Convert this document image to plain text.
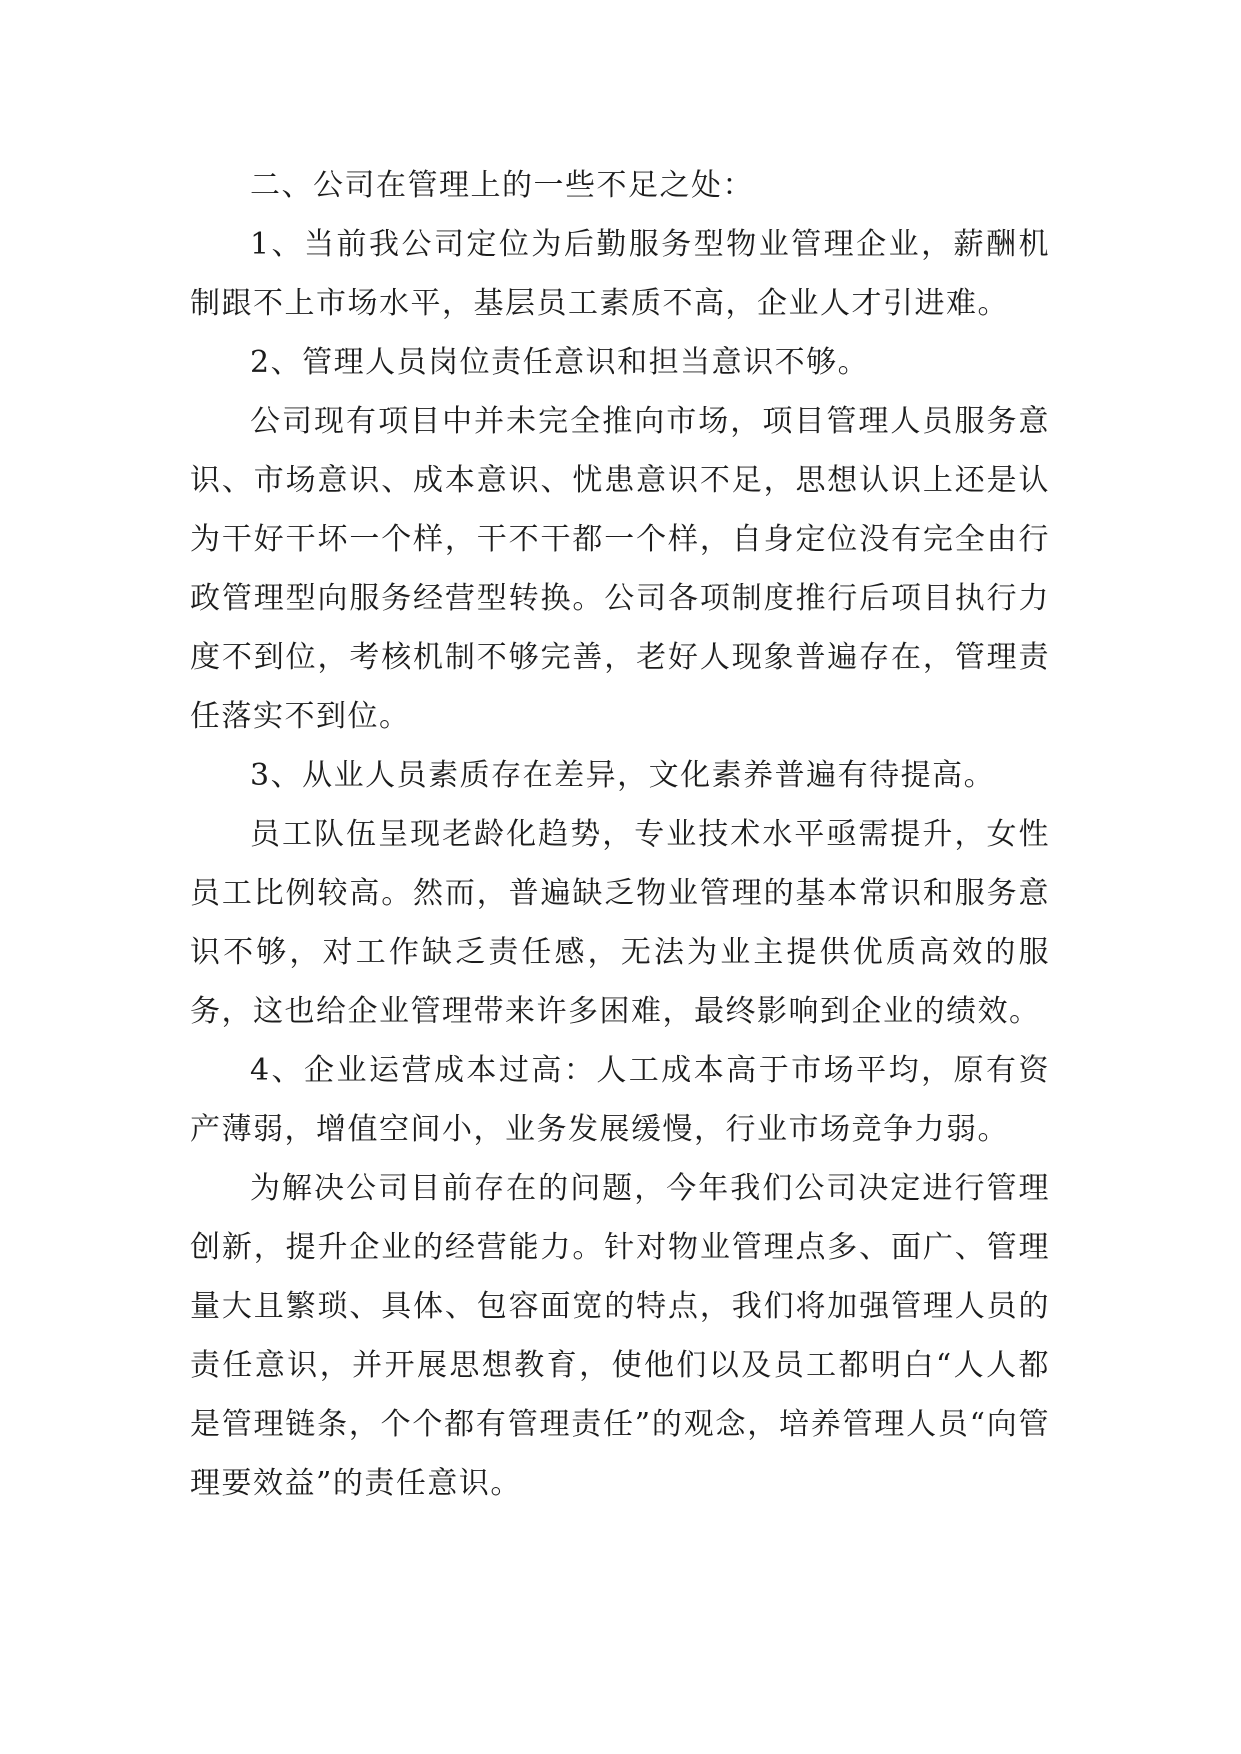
二、公司在管理上的一些不足之处：

1、当前我公司定位为后勤服务型物业管理企业，薪酬机制跟不上市场水平，基层员工素质不高，企业人才引进难。

2、管理人员岗位责任意识和担当意识不够。

公司现有项目中并未完全推向市场，项目管理人员服务意识、市场意识、成本意识、忧患意识不足，思想认识上还是认为干好干坏一个样，干不干都一个样，自身定位没有完全由行政管理型向服务经营型转换。公司各项制度推行后项目执行力度不到位，考核机制不够完善，老好人现象普遍存在，管理责任落实不到位。

3、从业人员素质存在差异，文化素养普遍有待提高。

员工队伍呈现老龄化趋势，专业技术水平亟需提升，女性员工比例较高。然而，普遍缺乏物业管理的基本常识和服务意识不够，对工作缺乏责任感，无法为业主提供优质高效的服务，这也给企业管理带来许多困难，最终影响到企业的绩效。

4、企业运营成本过高：人工成本高于市场平均，原有资产薄弱，增值空间小，业务发展缓慢，行业市场竞争力弱。

为解决公司目前存在的问题，今年我们公司决定进行管理创新，提升企业的经营能力。针对物业管理点多、面广、管理量大且繁琐、具体、包容面宽的特点，我们将加强管理人员的责任意识，并开展思想教育，使他们以及员工都明白“人人都是管理链条，个个都有管理责任”的观念，培养管理人员“向管理要效益”的责任意识。
